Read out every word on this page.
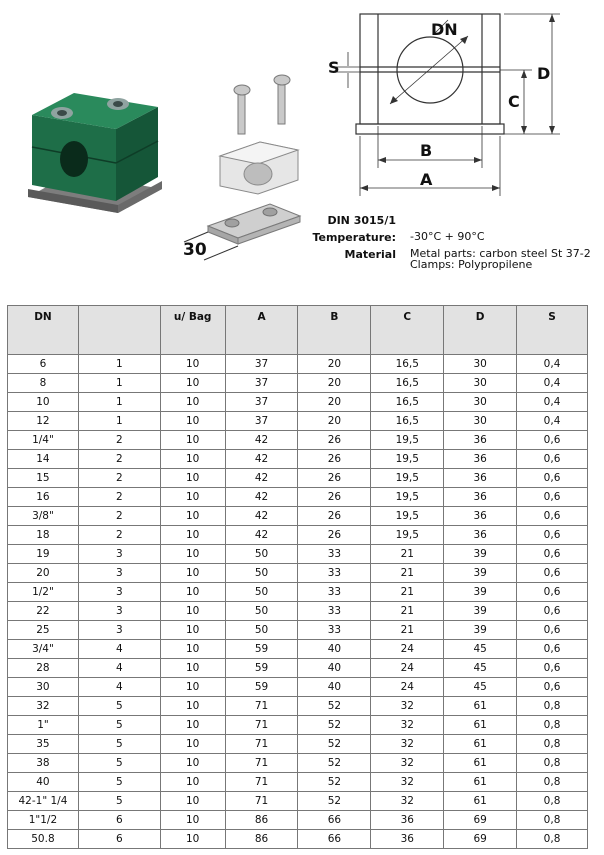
30
DN
S	D
C
B
A
DIN 3015/1
Temperature: -30°C + 90°C
Material Metal parts: carbon steel St 37-2
Clamps: Polypropilene
DN		u/ Bag	A	B	C	D	S
6	1	10	37	20	16,5	30	0,4
8	1	10	37	20	16,5	30	0,4
10	1	10	37	20	16,5	30	0,4
12	1	10	37	20	16,5	30	0,4
1/4"	2	10	42	26	19,5	36	0,6
14	2	10	42	26	19,5	36	0,6
15	2	10	42	26	19,5	36	0,6
16	2	10	42	26	19,5	36	0,6
3/8"	2	10	42	26	19,5	36	0,6
18	2	10	42	26	19,5	36	0,6
19	3	10	50	33	21	39	0,6
20	3	10	50	33	21	39	0,6
1/2"	3	10	50	33	21	39	0,6
22	3	10	50	33	21	39	0,6
25	3	10	50	33	21	39	0,6
3/4"	4	10	59	40	24	45	0,6
28	4	10	59	40	24	45	0,6
30	4	10	59	40	24	45	0,6
32	5	10	71	52	32	61	0,8
1"	5	10	71	52	32	61	0,8
35	5	10	71	52	32	61	0,8
38	5	10	71	52	32	61	0,8
40	5	10	71	52	32	61	0,8
42-1" 1/4	5	10	71	52	32	61	0,8
1"1/2	6	10	86	66	36	69	0,8
50.8	6	10	86	66	36	69	0,8
